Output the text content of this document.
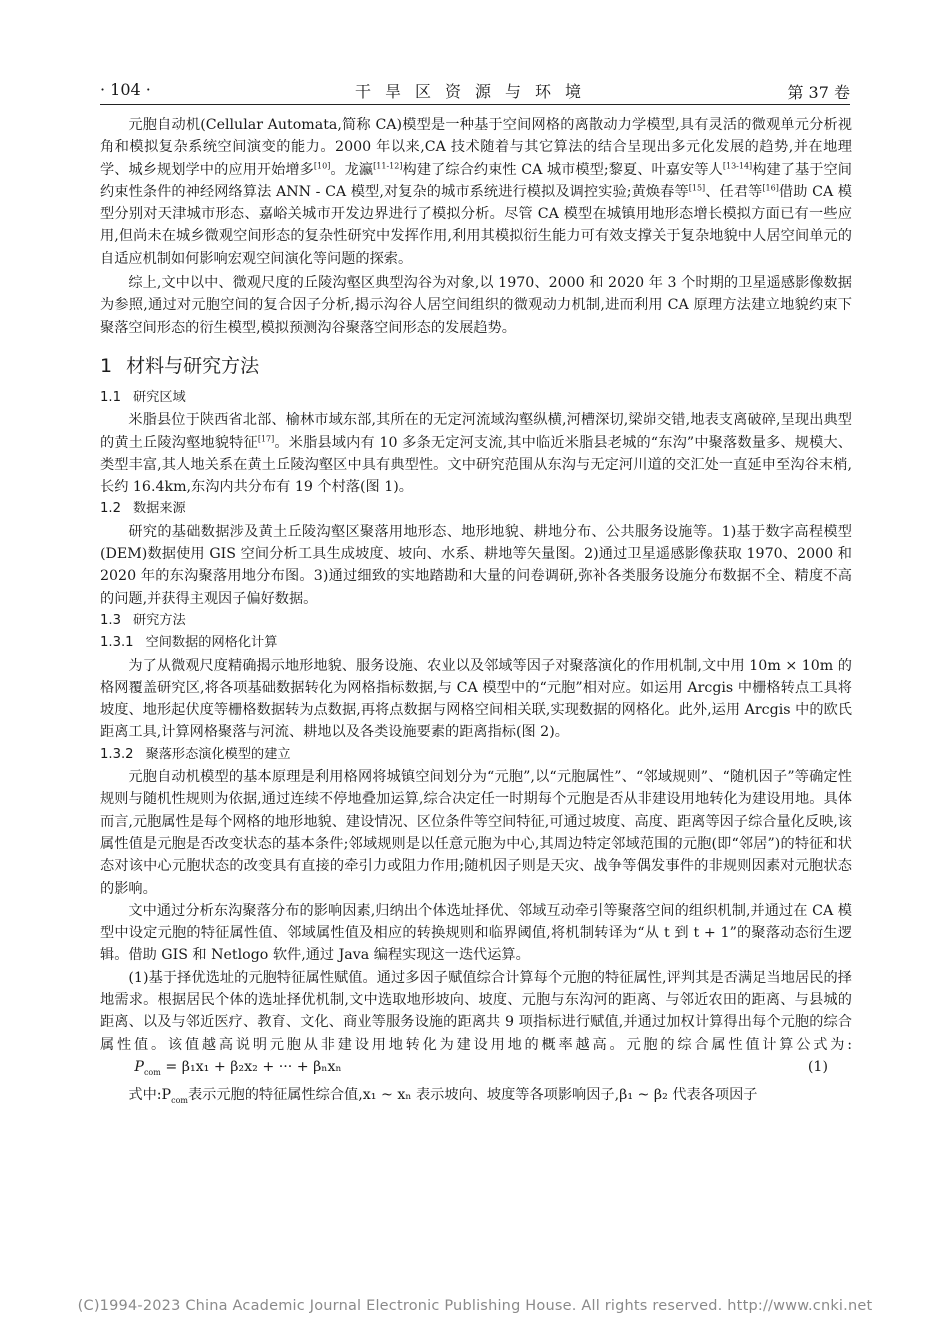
· 104 ·	干旱区资源与环境	第 37 卷

元胞自动机(Cellular Automata,简称 CA)模型是一种基于空间网格的离散动力学模型,具有灵活的微观单元分析视角和模拟复杂系统空间演变的能力。2000 年以来,CA 技术随着与其它算法的结合呈现出多元化发展的趋势,并在地理学、城乡规划学中的应用开始增多[10]。龙瀛[11-12]构建了综合约束性 CA 城市模型;黎夏、叶嘉安等人[13-14]构建了基于空间约束性条件的神经网络算法 ANN - CA 模型,对复杂的城市系统进行模拟及调控实验;黄焕春等[15]、任君等[16]借助 CA 模型分别对天津城市形态、嘉峪关城市开发边界进行了模拟分析。尽管 CA 模型在城镇用地形态增长模拟方面已有一些应用,但尚未在城乡微观空间形态的复杂性研究中发挥作用,利用其模拟衍生能力可有效支撑关于复杂地貌中人居空间单元的自适应机制如何影响宏观空间演化等问题的探索。

综上,文中以中、微观尺度的丘陵沟壑区典型沟谷为对象,以 1970、2000 和 2020 年 3 个时期的卫星遥感影像数据为参照,通过对元胞空间的复合因子分析,揭示沟谷人居空间组织的微观动力机制,进而利用 CA 原理方法建立地貌约束下聚落空间形态的衍生模型,模拟预测沟谷聚落空间形态的发展趋势。

1 材料与研究方法

1.1 研究区域

米脂县位于陕西省北部、榆林市域东部,其所在的无定河流域沟壑纵横,河槽深切,梁峁交错,地表支离破碎,呈现出典型的黄土丘陵沟壑地貌特征[17]。米脂县域内有 10 多条无定河支流,其中临近米脂县老城的“东沟”中聚落数量多、规模大、类型丰富,其人地关系在黄土丘陵沟壑区中具有典型性。文中研究范围从东沟与无定河川道的交汇处一直延申至沟谷末梢,长约 16.4km,东沟内共分布有 19 个村落(图 1)。

1.2 数据来源

研究的基础数据涉及黄土丘陵沟壑区聚落用地形态、地形地貌、耕地分布、公共服务设施等。1)基于数字高程模型(DEM)数据使用 GIS 空间分析工具生成坡度、坡向、水系、耕地等矢量图。2)通过卫星遥感影像获取 1970、2000 和 2020 年的东沟聚落用地分布图。3)通过细致的实地踏勘和大量的问卷调研,弥补各类服务设施分布数据不全、精度不高的问题,并获得主观因子偏好数据。

1.3 研究方法

1.3.1 空间数据的网格化计算

为了从微观尺度精确揭示地形地貌、服务设施、农业以及邻域等因子对聚落演化的作用机制,文中用 10m × 10m 的格网覆盖研究区,将各项基础数据转化为网格指标数据,与 CA 模型中的“元胞”相对应。如运用 Arcgis 中栅格转点工具将坡度、地形起伏度等栅格数据转为点数据,再将点数据与网格空间相关联,实现数据的网格化。此外,运用 Arcgis 中的欧氏距离工具,计算网格聚落与河流、耕地以及各类设施要素的距离指标(图 2)。

1.3.2 聚落形态演化模型的建立

元胞自动机模型的基本原理是利用格网将城镇空间划分为“元胞”,以“元胞属性”、“邻域规则”、“随机因子”等确定性规则与随机性规则为依据,通过连续不停地叠加运算,综合决定任一时期每个元胞是否从非建设用地转化为建设用地。具体而言,元胞属性是每个网格的地形地貌、建设情况、区位条件等空间特征,可通过坡度、高度、距离等因子综合量化反映,该属性值是元胞是否改变状态的基本条件;邻域规则是以任意元胞为中心,其周边特定邻域范围的元胞(即“邻居”)的特征和状态对该中心元胞状态的改变具有直接的牵引力或阻力作用;随机因子则是天灾、战争等偶发事件的非规则因素对元胞状态的影响。

文中通过分析东沟聚落分布的影响因素,归纳出个体选址择优、邻域互动牵引等聚落空间的组织机制,并通过在 CA 模型中设定元胞的特征属性值、邻域属性值及相应的转换规则和临界阈值,将机制转译为“从 t 到 t + 1”的聚落动态衍生逻辑。借助 GIS 和 Netlogo 软件,通过 Java 编程实现这一迭代运算。

(1)基于择优选址的元胞特征属性赋值。通过多因子赋值综合计算每个元胞的特征属性,评判其是否满足当地居民的择地需求。根据居民个体的选址择优机制,文中选取地形坡向、坡度、元胞与东沟河的距离、与邻近农田的距离、与县城的距离、以及与邻近医疗、教育、文化、商业等服务设施的距离共 9 项指标进行赋值,并通过加权计算得出每个元胞的综合属性值。该值越高说明元胞从非建设用地转化为建设用地的概率越高。元胞的综合属性值计算公式为$:P_{com} = \beta_1x_1 + \beta_2x_2$ + ··· + βₙxₙ	(1)

式中$:P_{com}$表示元胞的特征属性综合值,x₁ ~ xₙ 表示坡向、坡度等各项影响因子,β₁ ~ β₂ 代表各项因子

(C)1994-2023 China Academic Journal Electronic Publishing House. All rights reserved. http://www.cnki.net
